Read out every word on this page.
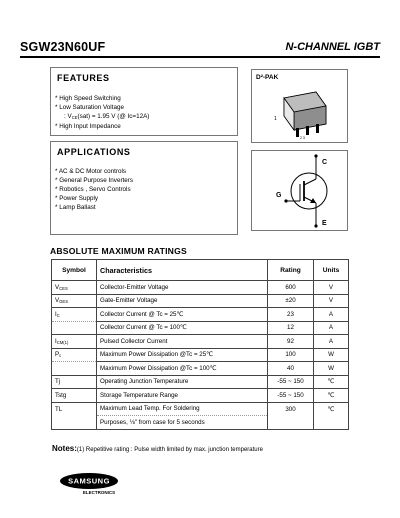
SGW23N60UF	N-CHANNEL IGBT
FEATURES
* High Speed Switching
* Low Saturation Voltage
: $V_{CE}(sat) = 1.95$ V (@ Ic=12A)
* High Input Impedance
APPLICATIONS
* AC & DC Motor controls
* General Purpose Inverters
* Robotics , Servo Controls
* Power Supply
* Lamp Ballast
D²-PAK
1
2 3
C
G
E
ABSOLUTE MAXIMUM RATINGS
Symbol	Characteristics	Rating	Units
VCES	Collector-Emitter Voltage	600	V
VGES	Gate-Emitter Voltage	±20	V
IC	Collector Current @ Tc = 25℃	23	A
	Collector Current @ Tc = 100℃	12	A
ICM(1)	Pulsed Collector Current	92	A
Pc	Maximum Power Dissipation @Tc = 25℃	100	W
	Maximum Power Dissipation @Tc = 100℃	40	W
Tj	Operating Junction Temperature	-55 ~ 150	℃
Tstg	Storage Temperature Range	-55 ~ 150	℃
TL	Maximum Lead Temp. For Soldering	300	℃
	Purposes, ⅛" from case for 5 seconds		
Notes:(1) Repetitive rating : Pulse width limited by max. junction temperature
SAMSUNG
ELECTRONICS
